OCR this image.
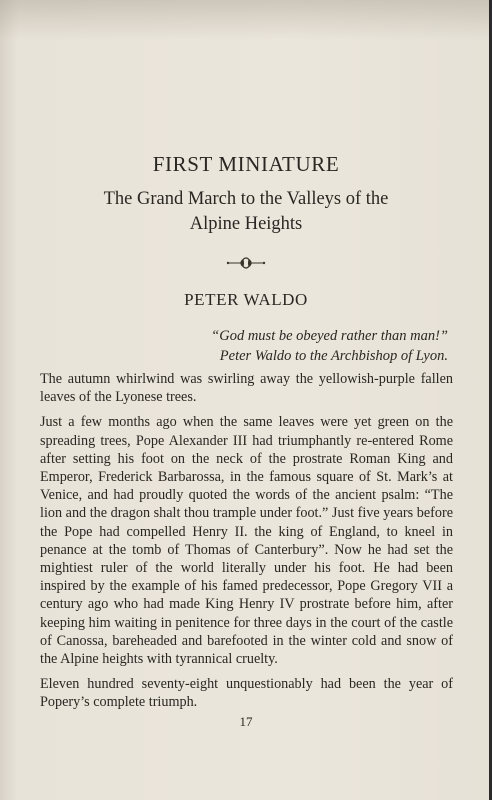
FIRST MINIATURE
The Grand March to the Valleys of the
Alpine Heights
PETER WALDO
“God must be obeyed rather than man!”
Peter Waldo to the Archbishop of Lyon.

The autumn whirlwind was swirling away the yellowish-purple fallen leaves of the Lyonese trees.

Just a few months ago when the same leaves were yet green on the spreading trees, Pope Alexander III had triumphantly re-entered Rome after setting his foot on the neck of the prostrate Roman King and Emperor, Frederick Barbarossa, in the famous square of St. Mark’s at Venice, and had proudly quoted the words of the ancient psalm: “The lion and the dragon shalt thou trample under foot.” Just five years before the Pope had compelled Henry II. the king of England, to kneel in penance at the tomb of Thomas of Canterbury”. Now he had set the mightiest ruler of the world literally under his foot. He had been inspired by the example of his famed predecessor, Pope Gregory VII a century ago who had made King Henry IV prostrate before him, after keeping him waiting in penitence for three days in the court of the castle of Canossa, bareheaded and barefooted in the winter cold and snow of the Alpine heights with tyrannical cruelty.

Eleven hundred seventy-eight unquestionably had been the year of Popery’s complete triumph.

17
